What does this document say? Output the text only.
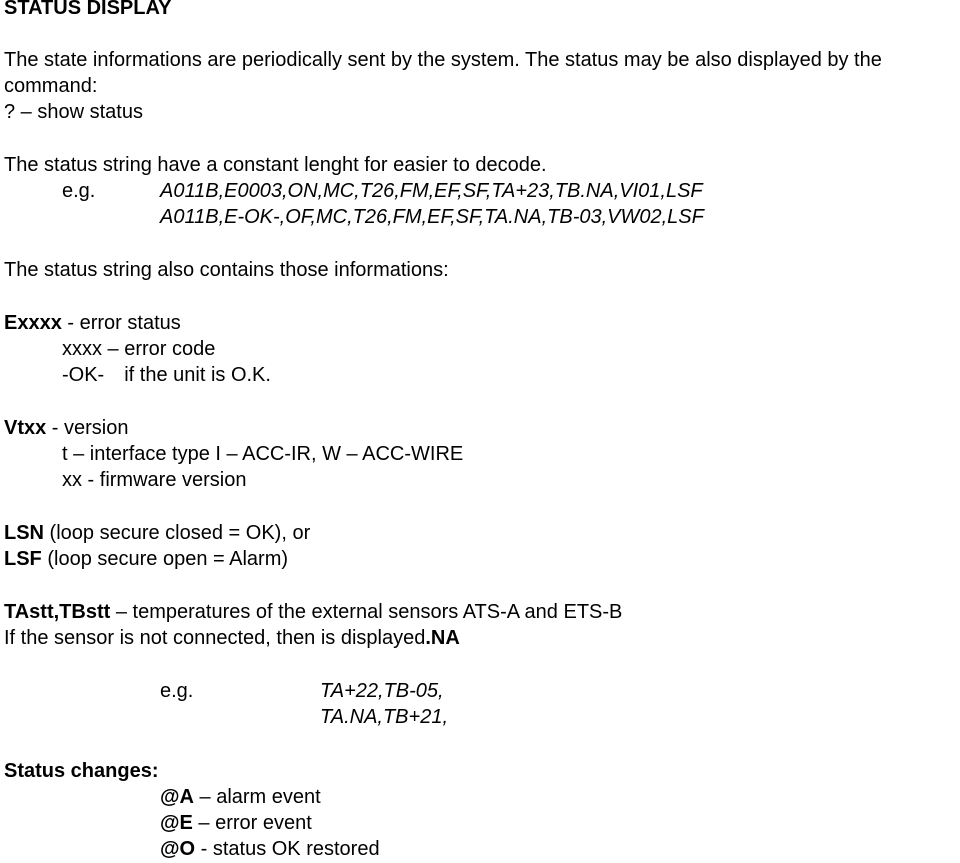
STATUS DISPLAY
The state informations are periodically sent by the system. The status may be also displayed by the
command:
? – show status
The status string have a constant lenght for easier to decode.
e.g.	A011B,E0003,ON,MC,T26,FM,EF,SF,TA+23,TB.NA,VI01,LSF
A011B,E-OK-,OF,MC,T26,FM,EF,SF,TA.NA,TB-03,VW02,LSF
The status string also contains those informations:
Exxxx - error status
xxxx – error code
-OK- if the unit is O.K.
Vtxx - version
t – interface type I – ACC-IR, W – ACC-WIRE
xx - firmware version
LSN (loop secure closed = OK), or
LSF (loop secure open = Alarm)
TAstt,TBstt – temperatures of the external sensors ATS-A and ETS-B
If the sensor is not connected, then is displayed.NA
e.g.	TA+22,TB-05,
TA.NA,TB+21,
Status changes:
@A – alarm event
@E – error event
@O - status OK restored
